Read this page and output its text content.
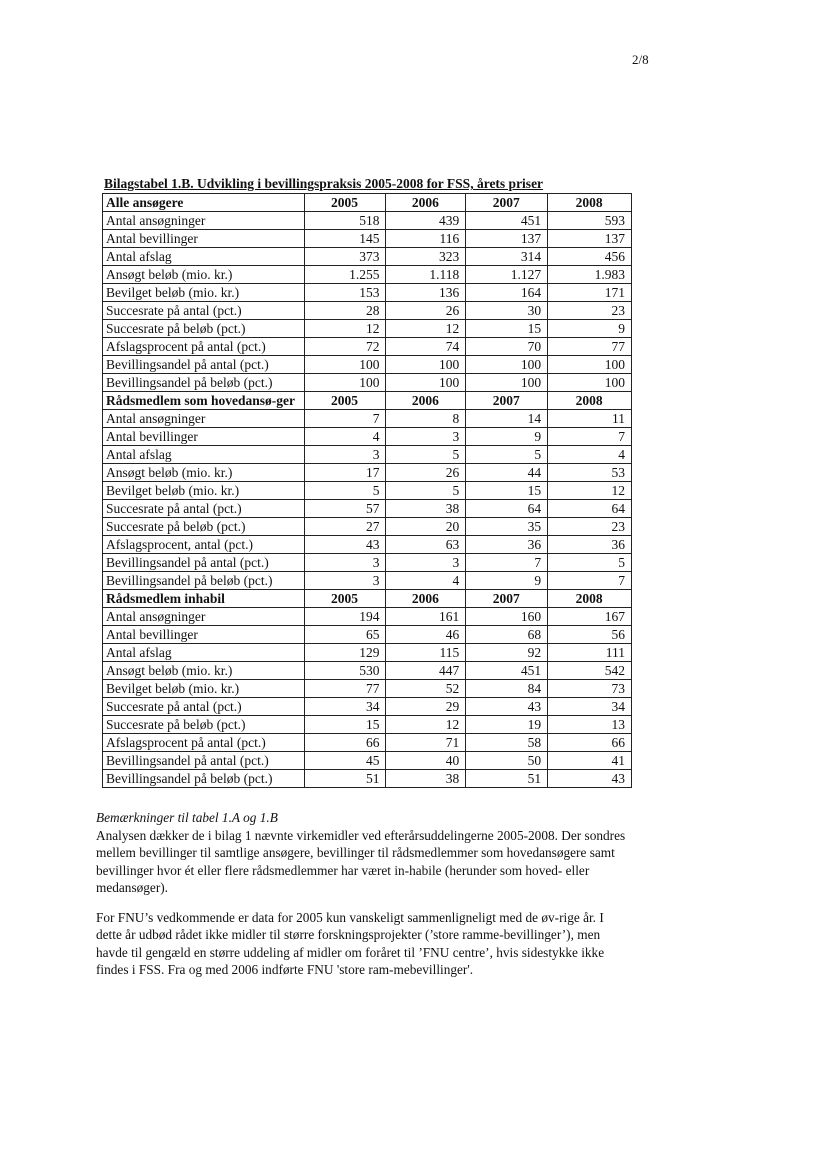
2/8
Bilagstabel 1.B. Udvikling i bevillingspraksis 2005-2008 for FSS, årets priser
Alle ansøgere	2005	2006	2007	2008
Antal ansøgninger	518	439	451	593
Antal bevillinger	145	116	137	137
Antal afslag	373	323	314	456
Ansøgt beløb (mio. kr.)	1.255	1.118	1.127	1.983
Bevilget beløb (mio. kr.)	153	136	164	171
Succesrate på antal (pct.)	28	26	30	23
Succesrate på beløb (pct.)	12	12	15	9
Afslagsprocent på antal (pct.)	72	74	70	77
Bevillingsandel på antal (pct.)	100	100	100	100
Bevillingsandel på beløb (pct.)	100	100	100	100
Rådsmedlem som hovedansø-ger	2005	2006	2007	2008
Antal ansøgninger	7	8	14	11
Antal bevillinger	4	3	9	7
Antal afslag	3	5	5	4
Ansøgt beløb (mio. kr.)	17	26	44	53
Bevilget beløb (mio. kr.)	5	5	15	12
Succesrate på antal (pct.)	57	38	64	64
Succesrate på beløb (pct.)	27	20	35	23
Afslagsprocent, antal (pct.)	43	63	36	36
Bevillingsandel på antal (pct.)	3	3	7	5
Bevillingsandel på beløb (pct.)	3	4	9	7
Rådsmedlem inhabil	2005	2006	2007	2008
Antal ansøgninger	194	161	160	167
Antal bevillinger	65	46	68	56
Antal afslag	129	115	92	111
Ansøgt beløb (mio. kr.)	530	447	451	542
Bevilget beløb (mio. kr.)	77	52	84	73
Succesrate på antal (pct.)	34	29	43	34
Succesrate på beløb (pct.)	15	12	19	13
Afslagsprocent på antal (pct.)	66	71	58	66
Bevillingsandel på antal (pct.)	45	40	50	41
Bevillingsandel på beløb (pct.)	51	38	51	43

Bemærkninger til tabel 1.A og 1.B

Analysen dækker de i bilag 1 nævnte virkemidler ved efterårsuddelingerne 2005-2008. Der sondres mellem bevillinger til samtlige ansøgere, bevillinger til rådsmedlemmer som hovedansøgere samt bevillinger hvor ét eller flere rådsmedlemmer har været in-habile (herunder som hoved- eller medansøger).

For FNU’s vedkommende er data for 2005 kun vanskeligt sammenligneligt med de øv-rige år. I dette år udbød rådet ikke midler til større forskningsprojekter (’store ramme-bevillinger’), men havde til gengæld en større uddeling af midler om foråret til ’FNU centre’, hvis sidestykke ikke findes i FSS. Fra og med 2006 indførte FNU 'store ram-mebevillinger'.
